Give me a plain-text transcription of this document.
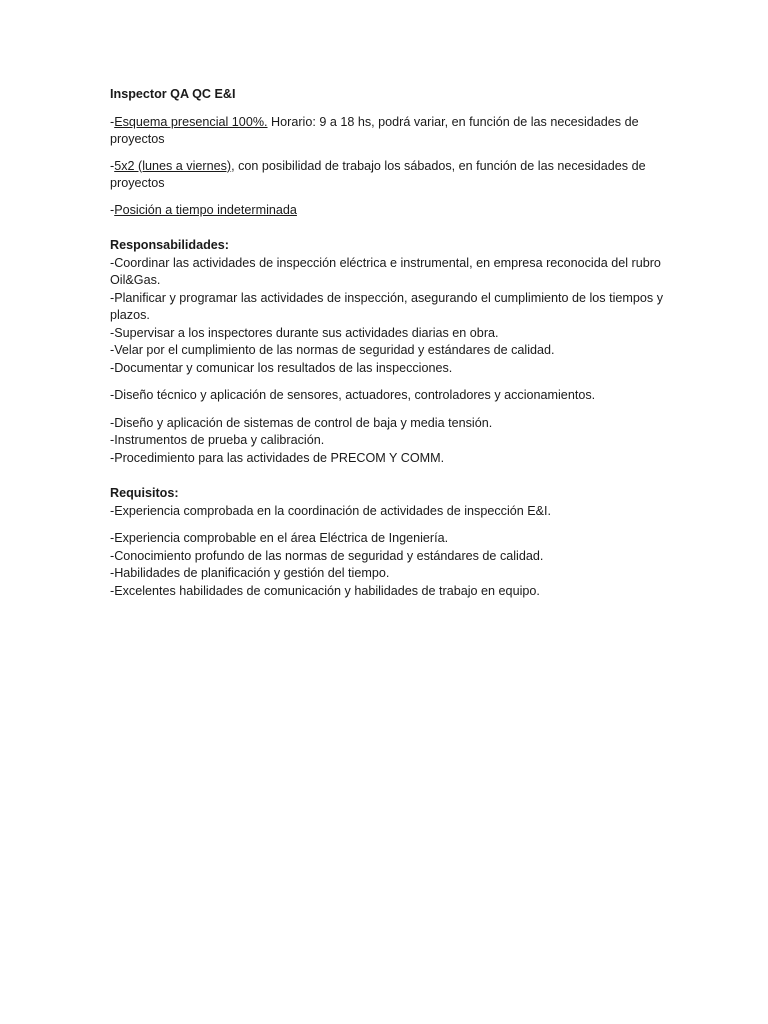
Inspector QA QC E&I

-Esquema presencial 100%. Horario: 9 a 18 hs, podrá variar, en función de las necesidades de proyectos

-5x2 (lunes a viernes), con posibilidad de trabajo los sábados, en función de las necesidades de proyectos

-Posición a tiempo indeterminada

Responsabilidades:

-Coordinar las actividades de inspección eléctrica e instrumental, en empresa reconocida del rubro Oil&Gas.

-Planificar y programar las actividades de inspección, asegurando el cumplimiento de los tiempos y plazos.

-Supervisar a los inspectores durante sus actividades diarias en obra.

-Velar por el cumplimiento de las normas de seguridad y estándares de calidad.

-Documentar y comunicar los resultados de las inspecciones.

-Diseño técnico y aplicación de sensores, actuadores, controladores y accionamientos.

-Diseño y aplicación de sistemas de control de baja y media tensión.

-Instrumentos de prueba y calibración.

-Procedimiento para las actividades de PRECOM Y COMM.

Requisitos:

-Experiencia comprobada en la coordinación de actividades de inspección E&I.

-Experiencia comprobable en el área Eléctrica de Ingeniería.

-Conocimiento profundo de las normas de seguridad y estándares de calidad.

-Habilidades de planificación y gestión del tiempo.

-Excelentes habilidades de comunicación y habilidades de trabajo en equipo.
